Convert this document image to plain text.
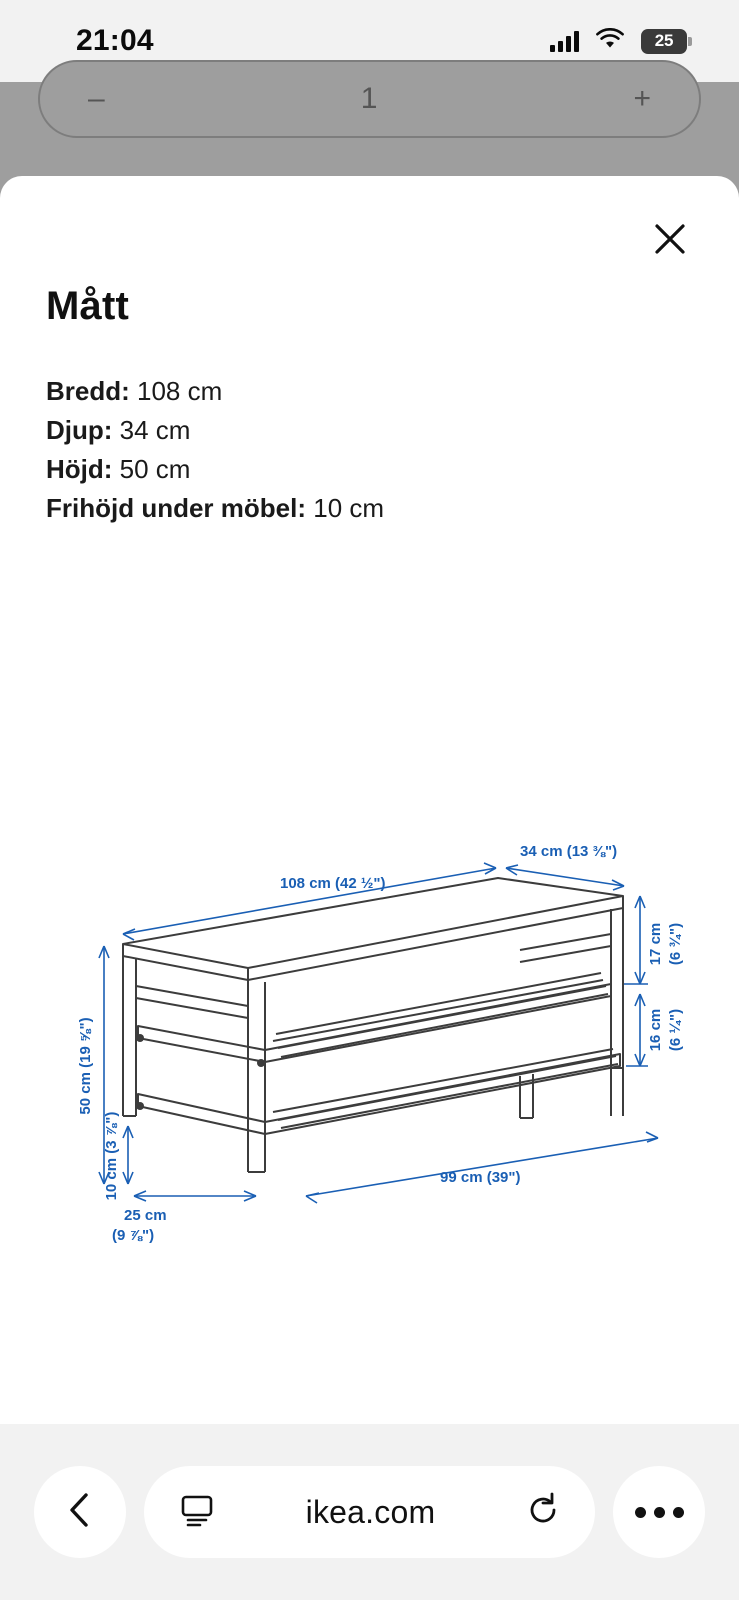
21:04	25
–	1	+
Mått
Bredd: 108 cm
Djup: 34 cm
Höjd: 50 cm
Frihöjd under möbel: 10 cm
108 cm (42 ½")
34 cm (13 ⅜")
50 cm (19 ⅝")
10 cm (3 ⅞")
25 cm
(9 ⅞")
99 cm (39")
17 cm (6 ¾")
16 cm (6 ¼")
ikea.com
